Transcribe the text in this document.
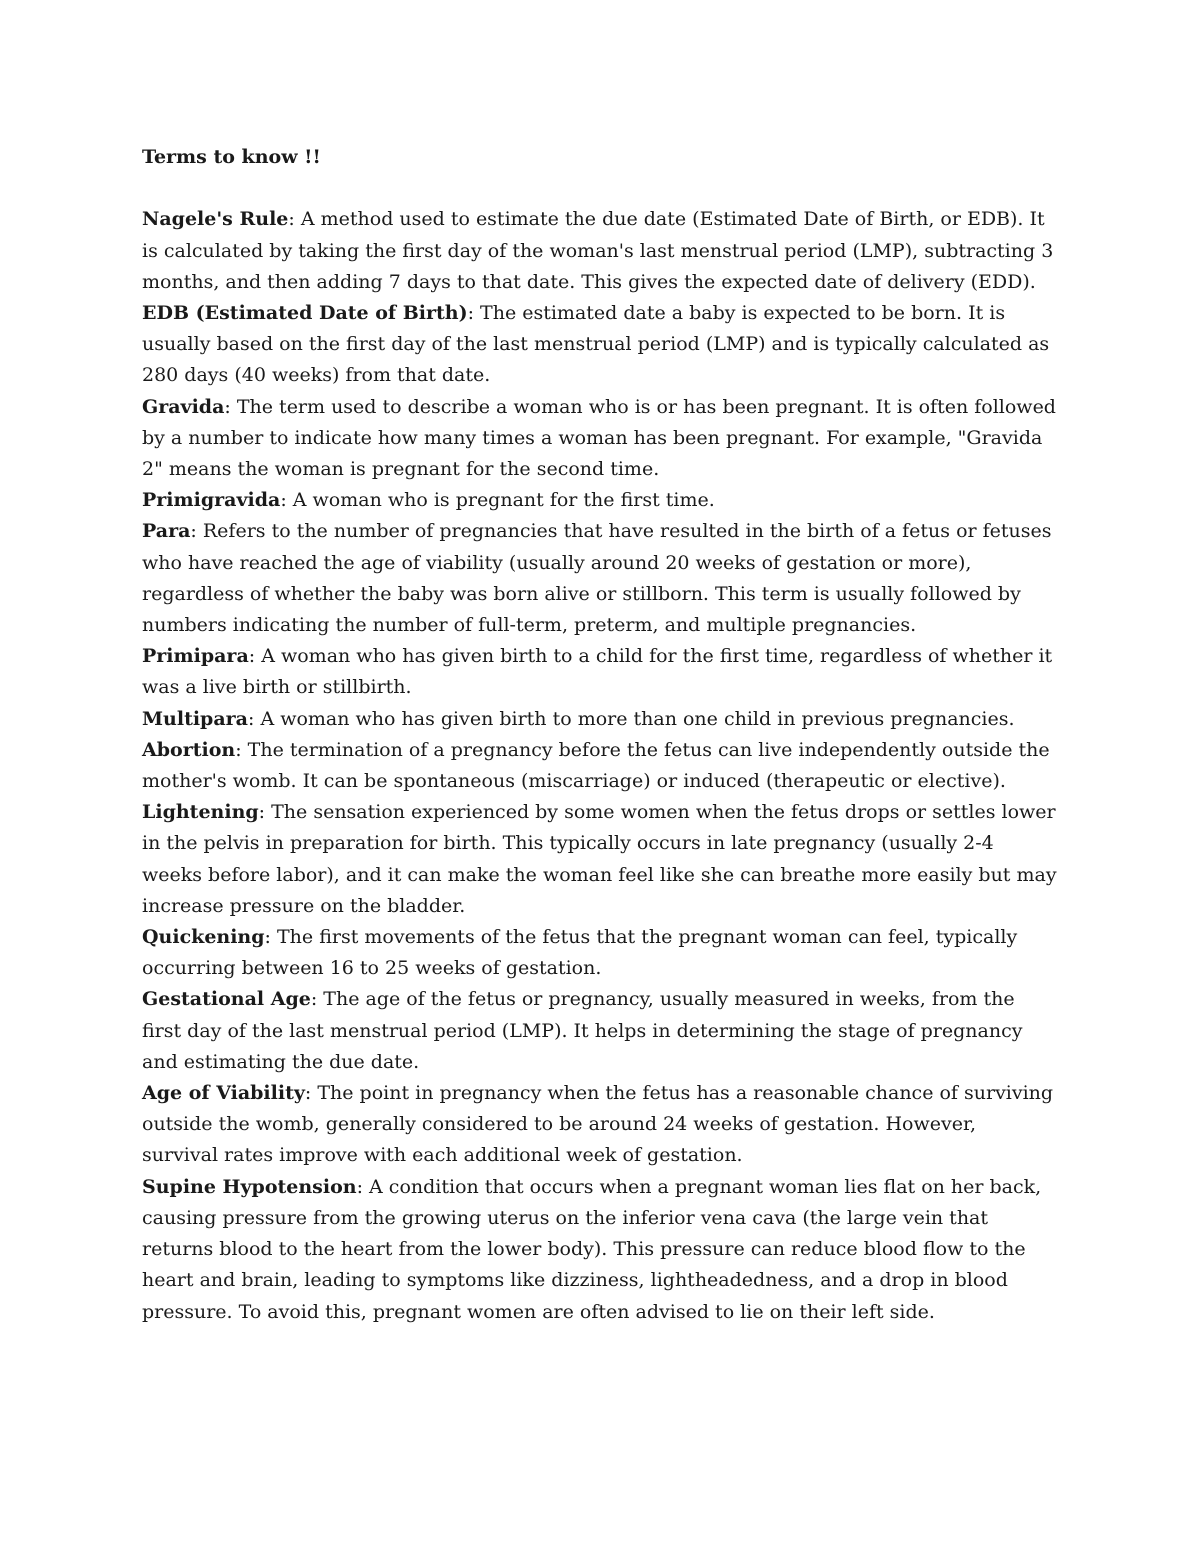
Terms to know !!

Nagele's Rule: A method used to estimate the due date (Estimated Date of Birth, or EDB). It is calculated by taking the first day of the woman's last menstrual period (LMP), subtracting 3 months, and then adding 7 days to that date. This gives the expected date of delivery (EDD).

EDB (Estimated Date of Birth): The estimated date a baby is expected to be born. It is usually based on the first day of the last menstrual period (LMP) and is typically calculated as 280 days (40 weeks) from that date.

Gravida: The term used to describe a woman who is or has been pregnant. It is often followed by a number to indicate how many times a woman has been pregnant. For example, "Gravida 2" means the woman is pregnant for the second time.

Primigravida: A woman who is pregnant for the first time.

Para: Refers to the number of pregnancies that have resulted in the birth of a fetus or fetuses who have reached the age of viability (usually around 20 weeks of gestation or more), regardless of whether the baby was born alive or stillborn. This term is usually followed by numbers indicating the number of full-term, preterm, and multiple pregnancies.

Primipara: A woman who has given birth to a child for the first time, regardless of whether it was a live birth or stillbirth.

Multipara: A woman who has given birth to more than one child in previous pregnancies.

Abortion: The termination of a pregnancy before the fetus can live independently outside the mother's womb. It can be spontaneous (miscarriage) or induced (therapeutic or elective).

Lightening: The sensation experienced by some women when the fetus drops or settles lower in the pelvis in preparation for birth. This typically occurs in late pregnancy (usually 2-4 weeks before labor), and it can make the woman feel like she can breathe more easily but may increase pressure on the bladder.

Quickening: The first movements of the fetus that the pregnant woman can feel, typically occurring between 16 to 25 weeks of gestation.

Gestational Age: The age of the fetus or pregnancy, usually measured in weeks, from the first day of the last menstrual period (LMP). It helps in determining the stage of pregnancy and estimating the due date.

Age of Viability: The point in pregnancy when the fetus has a reasonable chance of surviving outside the womb, generally considered to be around 24 weeks of gestation. However, survival rates improve with each additional week of gestation.

Supine Hypotension: A condition that occurs when a pregnant woman lies flat on her back, causing pressure from the growing uterus on the inferior vena cava (the large vein that returns blood to the heart from the lower body). This pressure can reduce blood flow to the heart and brain, leading to symptoms like dizziness, lightheadedness, and a drop in blood pressure. To avoid this, pregnant women are often advised to lie on their left side.
